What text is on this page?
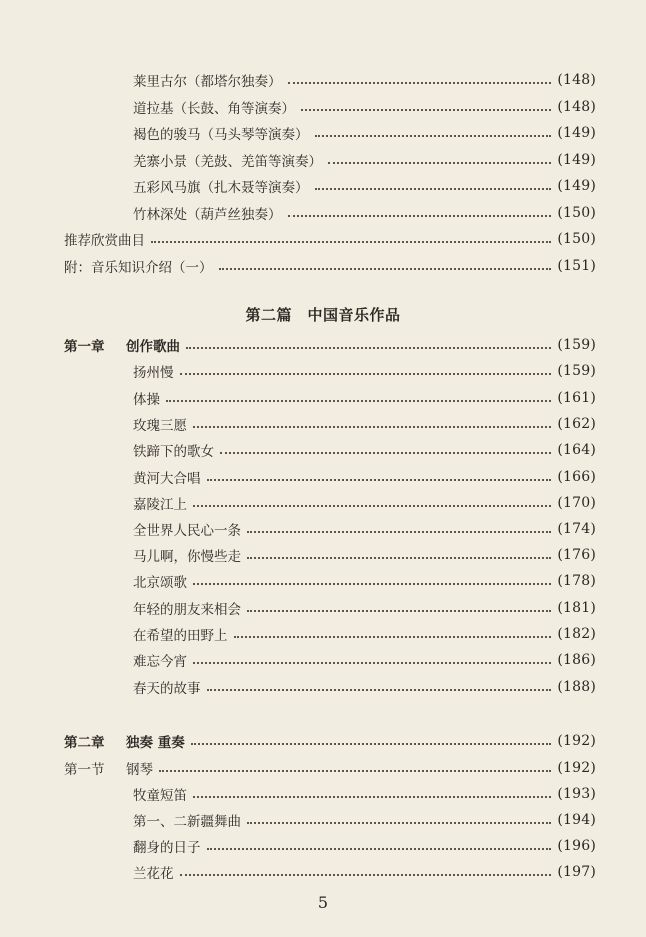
莱里古尔（都塔尔独奏）	(148)
道拉基（长鼓、角等演奏）	(148)
褐色的骏马（马头琴等演奏）	(149)
羌寨小景（羌鼓、羌笛等演奏）	(149)
五彩风马旗（扎木聂等演奏）	(149)
竹林深处（葫芦丝独奏）	(150)
推荐欣赏曲目	(150)
附：音乐知识介绍（一）	(151)
第二篇　中国音乐作品
第一章 创作歌曲	(159)
扬州慢	(159)
体操	(161)
玫瑰三愿	(162)
铁蹄下的歌女	(164)
黄河大合唱	(166)
嘉陵江上	(170)
全世界人民心一条	(174)
马儿啊，你慢些走	(176)
北京颂歌	(178)
年轻的朋友来相会	(181)
在希望的田野上	(182)
难忘今宵	(186)
春天的故事	(188)
第二章 独奏 重奏	(192)
第一节 钢琴	(192)
牧童短笛	(193)
第一、二新疆舞曲	(194)
翻身的日子	(196)
兰花花	(197)
5
